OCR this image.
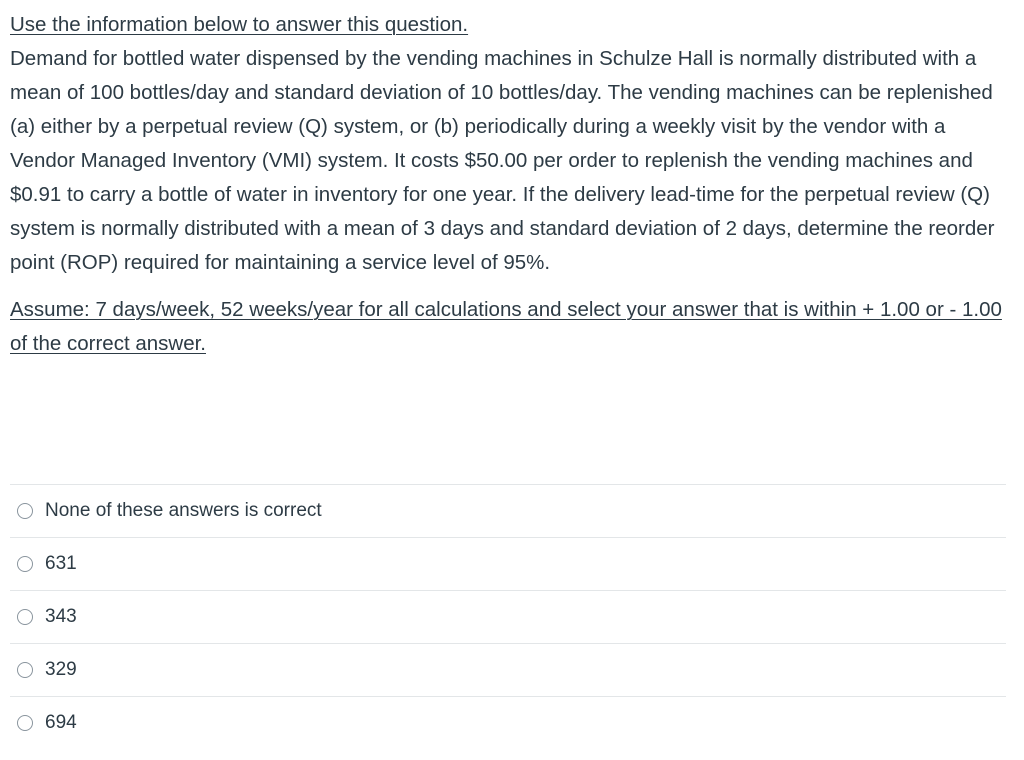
Use the information below to answer this question.

Demand for bottled water dispensed by the vending machines in Schulze Hall is normally distributed with a mean of 100 bottles/day and standard deviation of 10 bottles/day. The vending machines can be replenished (a) either by a perpetual review (Q) system, or (b) periodically during a weekly visit by the vendor with a Vendor Managed Inventory (VMI) system. It costs $50.00 per order to replenish the vending machines and $0.91 to carry a bottle of water in inventory for one year. If the delivery lead-time for the perpetual review (Q) system is normally distributed with a mean of 3 days and standard deviation of 2 days, determine the reorder point (ROP) required for maintaining a service level of 95%.

Assume: 7 days/week, 52 weeks/year for all calculations and select your answer that is within + 1.00 or - 1.00 of the correct answer.

None of these answers is correct
631
343
329
694
